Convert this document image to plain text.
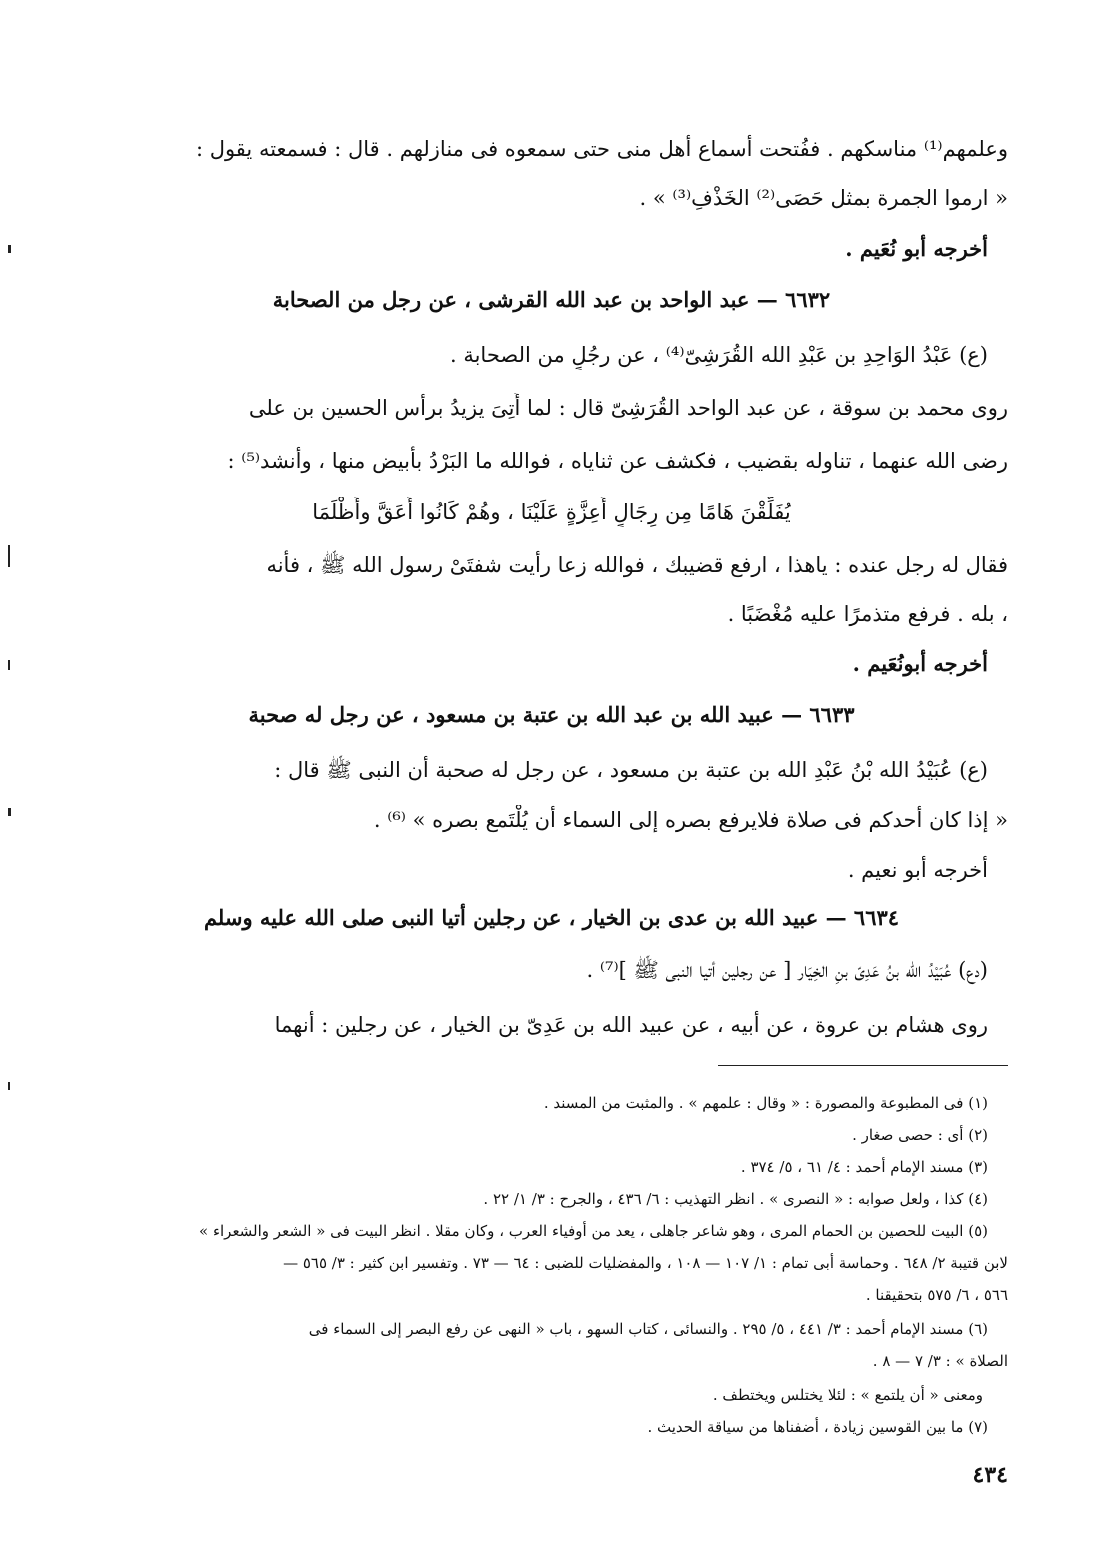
وعلمهم⁽¹⁾ مناسكهم . ففُتحت أسماع أهل منى حتى سمعوه فى منازلهم . قال : فسمعته يقول :
« ارموا الجمرة بمثل حَصَى⁽²⁾ الخَذْفِ⁽³⁾ » .
أخرجه أبو نُعَيم .
٦٦٣٢ — عبد الواحد بن عبد الله القرشى ، عن رجل من الصحابة
(ع) عَبْدُ الوَاحِدِ بن عَبْدِ الله القُرَشِىّ⁽⁴⁾ ، عن رجُلٍ من الصحابة .
روى محمد بن سوقة ، عن عبد الواحد القُرَشِىّ قال : لما أُتِىَ يزيدُ برأس الحسين بن على
رضى الله عنهما ، تناوله بقضيب ، فكشف عن ثناياه ، فوالله ما البَرْدُ بأَبيض منها ، وأنشد⁽⁵⁾ :
يُفَلِّقْنَ هَامًا مِن رِجَالٍ أَعِزَّةٍ عَلَيْنَا ، وهُمْ كَانُوا أَعَقَّ وأَظْلَمَا
فقال له رجل عنده : ياهذا ، ارفع قضيبك ، فوالله زعا رأيت شفتَىْ رسول الله ﷺ ، فأنه
، بله . فرفع متذمرًا عليه مُغْضَبًا .
أخرجه أبونُعَيم .
٦٦٣٣ — عبيد الله بن عبد الله بن عتبة بن مسعود ، عن رجل له صحبة
(ع) عُبَيْدُ الله بْنُ عَبْدِ الله بن عتبة بن مسعود ، عن رجل له صحبة أن النبى ﷺ قال :
« إذا كان أحدكم فى صلاة فلايرفع بصره إلى السماء أن يُلْتَمع بصره » ⁽⁶⁾ .
أخرجه أبو نعيم .
٦٦٣٤ — عبيد الله بن عدى بن الخيار ، عن رجلين أتيا النبى صلى الله عليه وسلم
(دع) عُبَيْدُ الله بنُ عَدِىّ بنِ الخِيَار [ عن رجلين أتيا النبى ﷺ ]⁽⁷⁾ .
روى هشام بن عروة ، عن أبيه ، عن عبيد الله بن عَدِىّ بن الخيار ، عن رجلين : أنهما
(١) فى المطبوعة والمصورة : « وقال : علمهم » . والمثبت من المسند .
(٢) أى : حصى صغار .
(٣) مسند الإمام أحمد : ٤/ ٦١ ، ٥/ ٣٧٤ .
(٤) كذا ، ولعل صوابه : « النصرى » . انظر التهذيب : ٦/ ٤٣٦ ، والجرح : ٣/ ١/ ٢٢ .
(٥) البيت للحصين بن الحمام المرى ، وهو شاعر جاهلى ، يعد من أوفياء العرب ، وكان مقلا . انظر البيت فى « الشعر والشعراء »
لابن قتيبة ٢/ ٦٤٨ . وحماسة أبى تمام : ١/ ١٠٧ — ١٠٨ ، والمفضليات للضبى : ٦٤ — ٧٣ . وتفسير ابن كثير : ٣/ ٥٦٥ —
٥٦٦ ، ٦/ ٥٧٥ بتحقيقنا .
(٦) مسند الإمام أحمد : ٣/ ٤٤١ ، ٥/ ٢٩٥ . والنسائى ، كتاب السهو ، باب « النهى عن رفع البصر إلى السماء فى
الصلاة » : ٣/ ٧ — ٨ .
ومعنى « أن يلتمع » : لئلا يختلس ويختطف .
(٧) ما بين القوسين زيادة ، أضفناها من سياقة الحديث .
٤٣٤
